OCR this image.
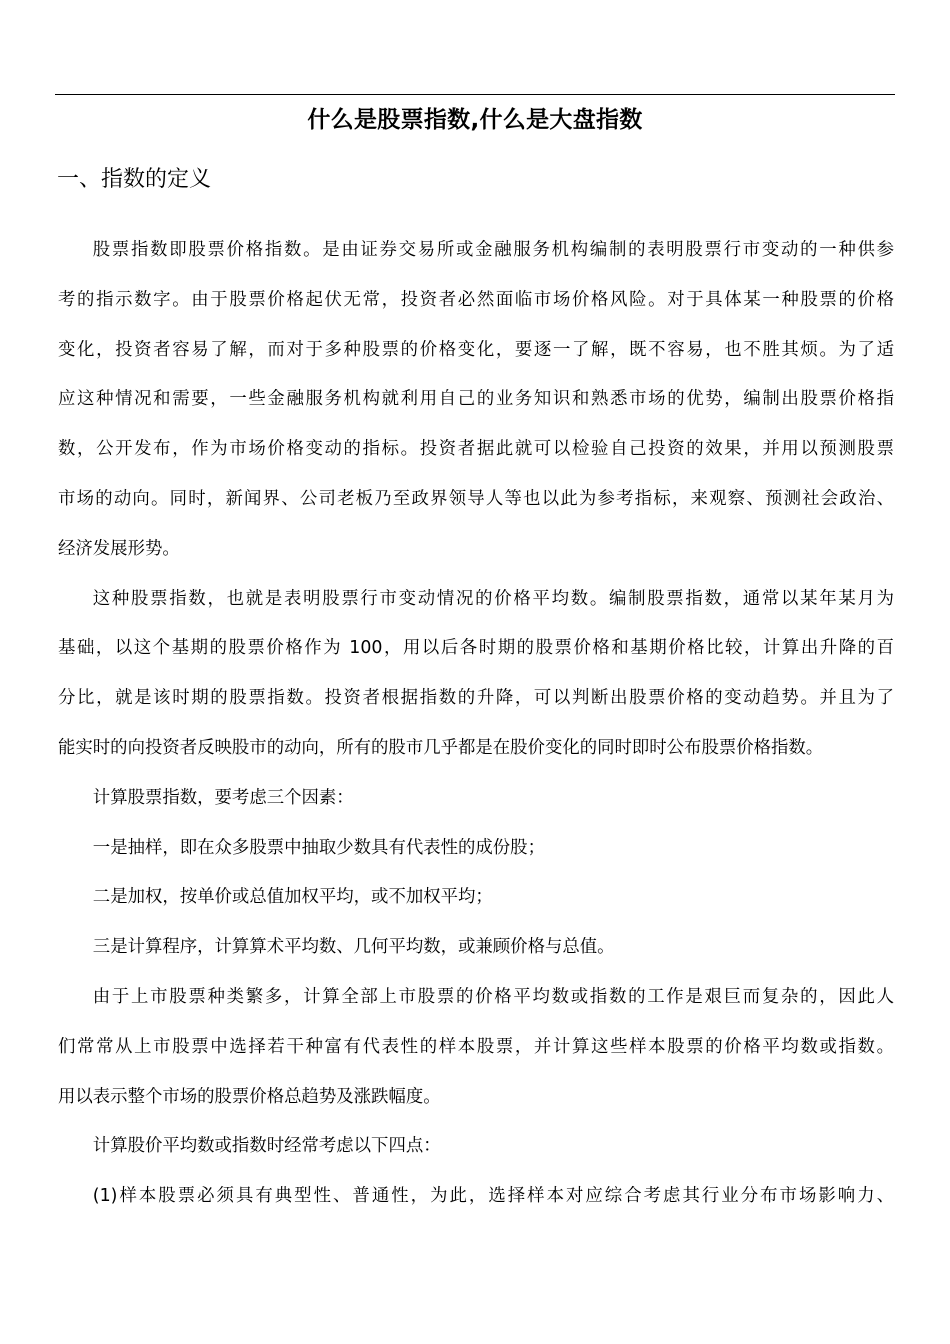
什么是股票指数,什么是大盘指数
一、指数的定义
股票指数即股票价格指数。是由证券交易所或金融服务机构编制的表明股票行市变动的一种供参
考的指示数字。由于股票价格起伏无常，投资者必然面临市场价格风险。对于具体某一种股票的价格
变化，投资者容易了解，而对于多种股票的价格变化，要逐一了解，既不容易，也不胜其烦。为了适
应这种情况和需要，一些金融服务机构就利用自己的业务知识和熟悉市场的优势，编制出股票价格指
数，公开发布，作为市场价格变动的指标。投资者据此就可以检验自己投资的效果，并用以预测股票
市场的动向。同时，新闻界、公司老板乃至政界领导人等也以此为参考指标，来观察、预测社会政治、
经济发展形势。
这种股票指数，也就是表明股票行市变动情况的价格平均数。编制股票指数，通常以某年某月为
基础，以这个基期的股票价格作为 100，用以后各时期的股票价格和基期价格比较，计算出升降的百
分比，就是该时期的股票指数。投资者根据指数的升降，可以判断出股票价格的变动趋势。并且为了
能实时的向投资者反映股市的动向，所有的股市几乎都是在股价变化的同时即时公布股票价格指数。
计算股票指数，要考虑三个因素：
一是抽样，即在众多股票中抽取少数具有代表性的成份股；
二是加权，按单价或总值加权平均，或不加权平均；
三是计算程序，计算算术平均数、几何平均数，或兼顾价格与总值。
由于上市股票种类繁多，计算全部上市股票的价格平均数或指数的工作是艰巨而复杂的，因此人
们常常从上市股票中选择若干种富有代表性的样本股票，并计算这些样本股票的价格平均数或指数。
用以表示整个市场的股票价格总趋势及涨跌幅度。
计算股价平均数或指数时经常考虑以下四点：
(1)样本股票必须具有典型性、普通性，为此，选择样本对应综合考虑其行业分布市场影响力、
